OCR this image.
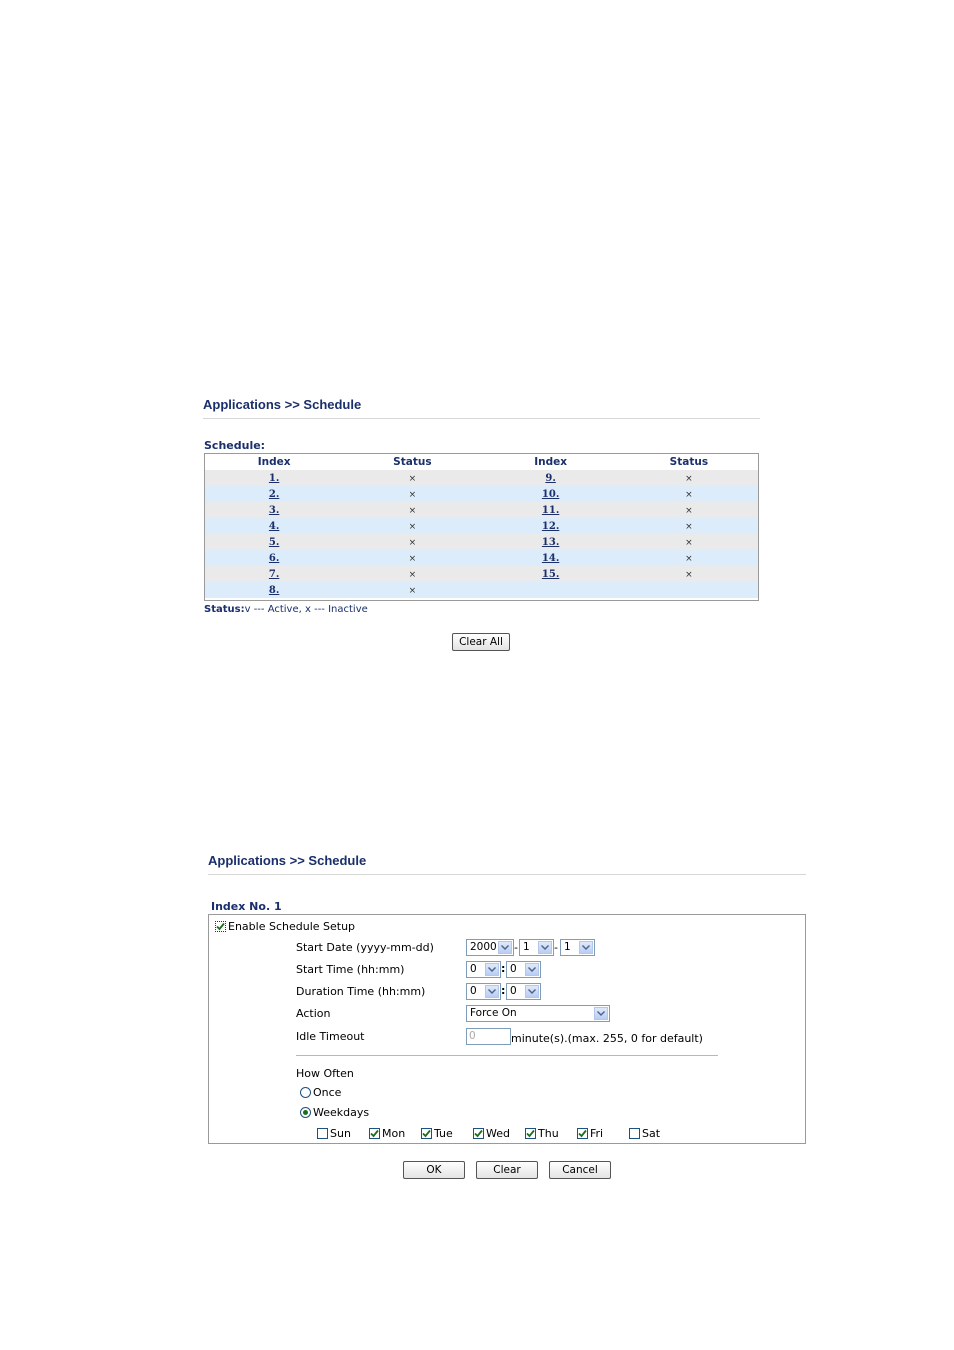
Applications >> Schedule
Schedule:
Index	Status	Index	Status
1.	×	9.	×
2.	×	10.	×
3.	×	11.	×
4.	×	12.	×
5.	×	13.	×
6.	×	14.	×
7.	×	15.	×
8.	×		
Status:v --- Active, x --- Inactive
Clear All
Applications >> Schedule
Index No. 1
Enable Schedule Setup
Start Date (yyyy-mm-dd)	2000 - 1 - 1
Start Time (hh:mm)	0 : 0
Duration Time (hh:mm)	0 : 0
Action	Force On
Idle Timeout	0	minute(s).(max. 255, 0 for default)
How Often
Once
Weekdays
Sun	Mon	Tue	Wed	Thu	Fri	Sat
OK	Clear	Cancel
